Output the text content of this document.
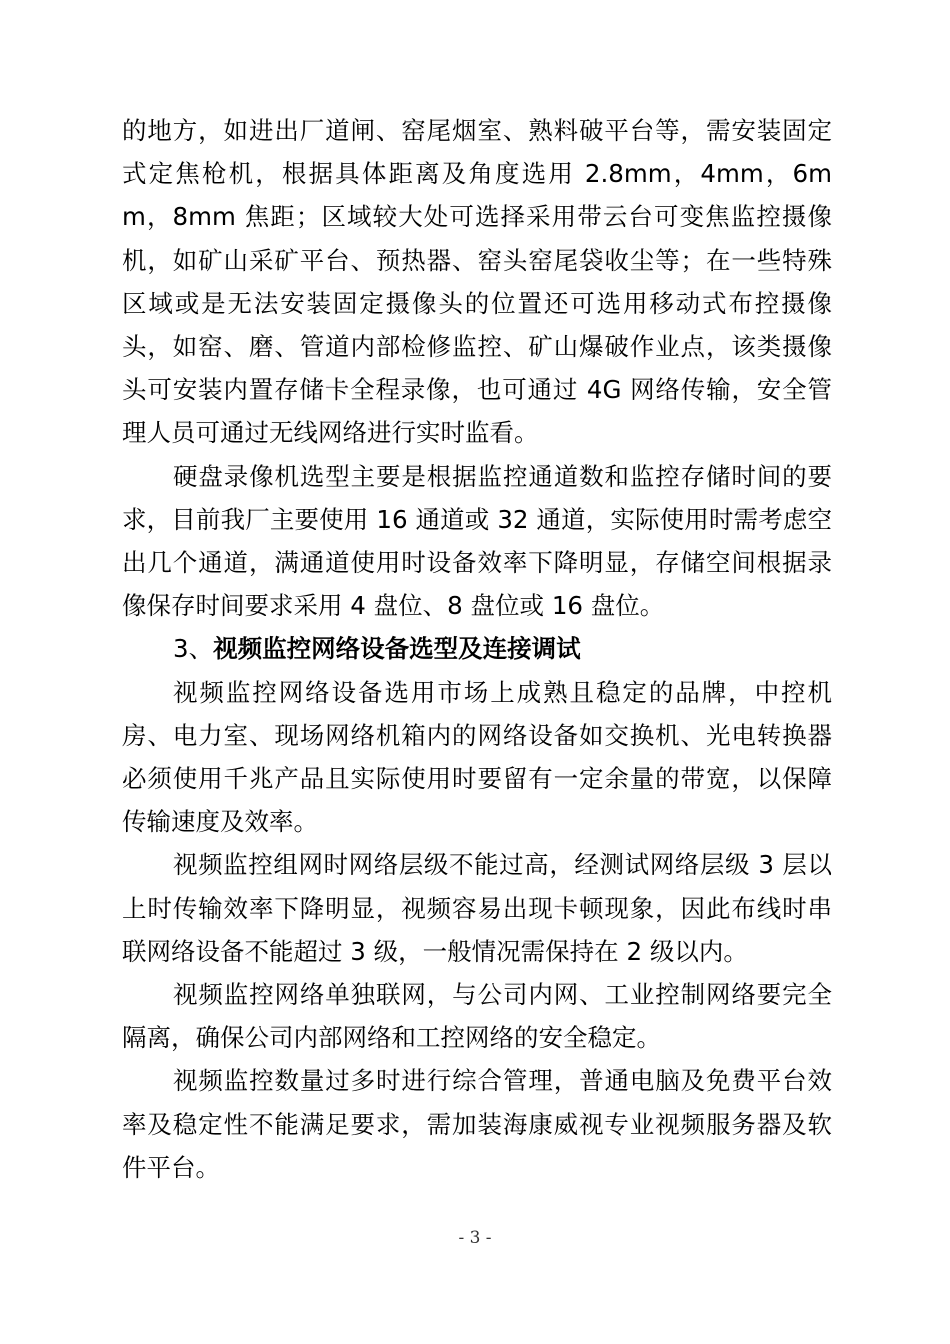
的地方，如进出厂道闸、窑尾烟室、熟料破平台等，需安装固定式定焦枪机，根据具体距离及角度选用 2.8mm，4mm，6mm，8mm 焦距；区域较大处可选择采用带云台可变焦监控摄像机，如矿山采矿平台、预热器、窑头窑尾袋收尘等；在一些特殊区域或是无法安装固定摄像头的位置还可选用移动式布控摄像头，如窑、磨、管道内部检修监控、矿山爆破作业点，该类摄像头可安装内置存储卡全程录像，也可通过 4G 网络传输，安全管理人员可通过无线网络进行实时监看。

硬盘录像机选型主要是根据监控通道数和监控存储时间的要求，目前我厂主要使用 16 通道或 32 通道，实际使用时需考虑空出几个通道，满通道使用时设备效率下降明显，存储空间根据录像保存时间要求采用 4 盘位、8 盘位或 16 盘位。

3、视频监控网络设备选型及连接调试

视频监控网络设备选用市场上成熟且稳定的品牌，中控机房、电力室、现场网络机箱内的网络设备如交换机、光电转换器必须使用千兆产品且实际使用时要留有一定余量的带宽，以保障传输速度及效率。

视频监控组网时网络层级不能过高，经测试网络层级 3 层以上时传输效率下降明显，视频容易出现卡顿现象，因此布线时串联网络设备不能超过 3 级，一般情况需保持在 2 级以内。

视频监控网络单独联网，与公司内网、工业控制网络要完全隔离，确保公司内部网络和工控网络的安全稳定。

视频监控数量过多时进行综合管理，普通电脑及免费平台效率及稳定性不能满足要求，需加装海康威视专业视频服务器及软件平台。

- 3 -
